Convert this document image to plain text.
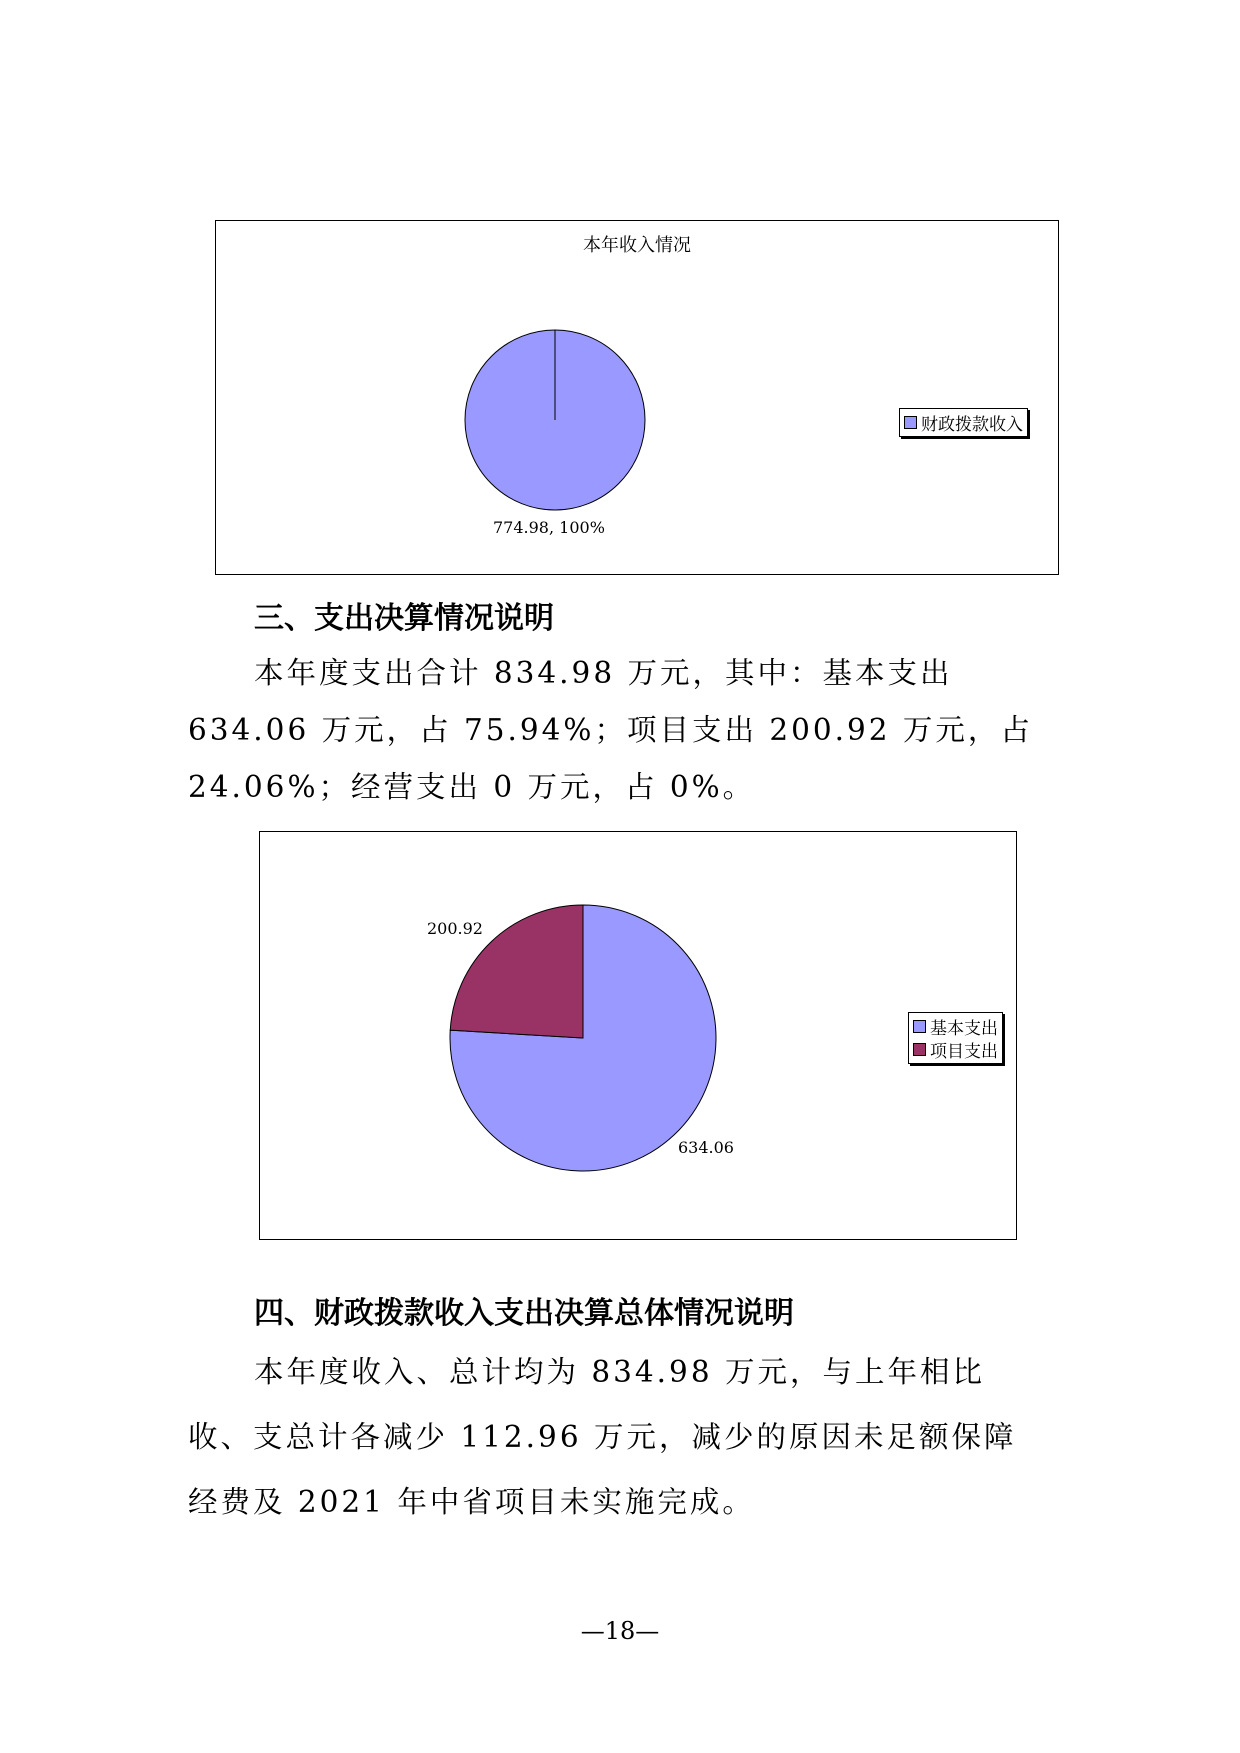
本年收入情况
774.98, 100%
财政拨款收入
三、支出决算情况说明
本年度支出合计 834.98 万元，其中：基本支出 634.06 万元，占 75.94%；项目支出 200.92 万元，占 24.06%；经营支出 0 万元，占 0%。
200.92
634.06
基本支出
项目支出
四、财政拨款收入支出决算总体情况说明
本年度收入、总计均为 834.98 万元，与上年相比收、支总计各减少 112.96 万元，减少的原因未足额保障经费及 2021 年中省项目未实施完成。
—18—
